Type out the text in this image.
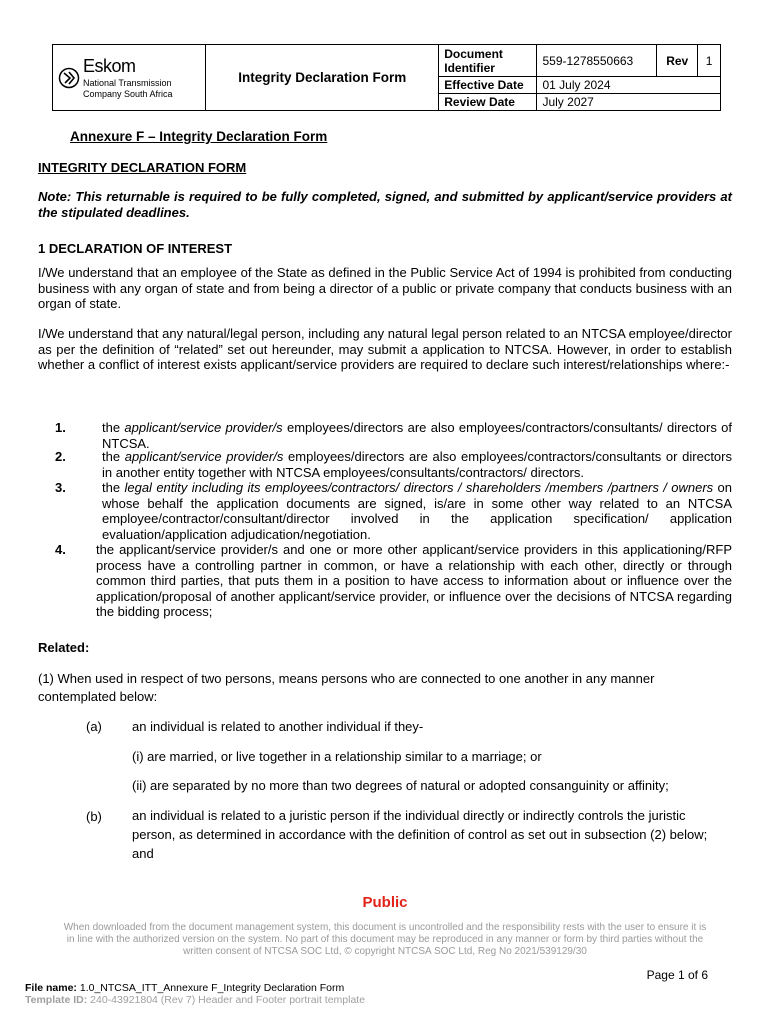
Eskom
National Transmission
Company South Africa	Integrity Declaration Form	Document Identifier	559-1278550663	Rev	1
		Effective Date	01 July 2024		
		Review Date	July 2027		

Annexure F – Integrity Declaration Form

INTEGRITY DECLARATION FORM

Note: This returnable is required to be fully completed, signed, and submitted by applicant/service providers at the stipulated deadlines.

1 DECLARATION OF INTEREST

I/We understand that an employee of the State as defined in the Public Service Act of 1994 is prohibited from conducting business with any organ of state and from being a director of a public or private company that conducts business with an organ of state.

I/We understand that any natural/legal person, including any natural legal person related to an NTCSA employee/director as per the definition of “related” set out hereunder, may submit a application to NTCSA. However, in order to establish whether a conflict of interest exists applicant/service providers are required to declare such interest/relationships where:-

1.	the applicant/service provider/s employees/directors are also employees/contractors/consultants/ directors of NTCSA.

2.	the applicant/service provider/s employees/directors are also employees/contractors/consultants or directors in another entity together with NTCSA employees/consultants/contractors/ directors.

3.	the legal entity including its employees/contractors/ directors / shareholders /members /partners / owners on whose behalf the application documents are signed, is/are in some other way related to an NTCSA employee/contractor/consultant/director involved in the application specification/ application evaluation/application adjudication/negotiation.

4. the applicant/service provider/s and one or more other applicant/service providers in this applicationing/RFP process have a controlling partner in common, or have a relationship with each other, directly or through common third parties, that puts them in a position to have access to information about or influence over the application/proposal of another applicant/service provider, or influence over the decisions of NTCSA regarding the bidding process;

Related:

(1) When used in respect of two persons, means persons who are connected to one another in any manner contemplated below:

(a) an individual is related to another individual if they-

(i) are married, or live together in a relationship similar to a marriage; or

(ii) are separated by no more than two degrees of natural or adopted consanguinity or affinity;

(b) an individual is related to a juristic person if the individual directly or indirectly controls the juristic person, as determined in accordance with the definition of control as set out in subsection (2) below; and

Public
When downloaded from the document management system, this document is uncontrolled and the responsibility rests with the user to ensure it is in line with the authorized version on the system. No part of this document may be reproduced in any manner or form by third parties without the written consent of NTCSA SOC Ltd, © copyright NTCSA SOC Ltd, Reg No 2021/539129/30
Page 1 of 6
File name: 1.0_NTCSA_ITT_Annexure F_Integrity Declaration Form
Template ID: 240-43921804 (Rev 7) Header and Footer portrait template
